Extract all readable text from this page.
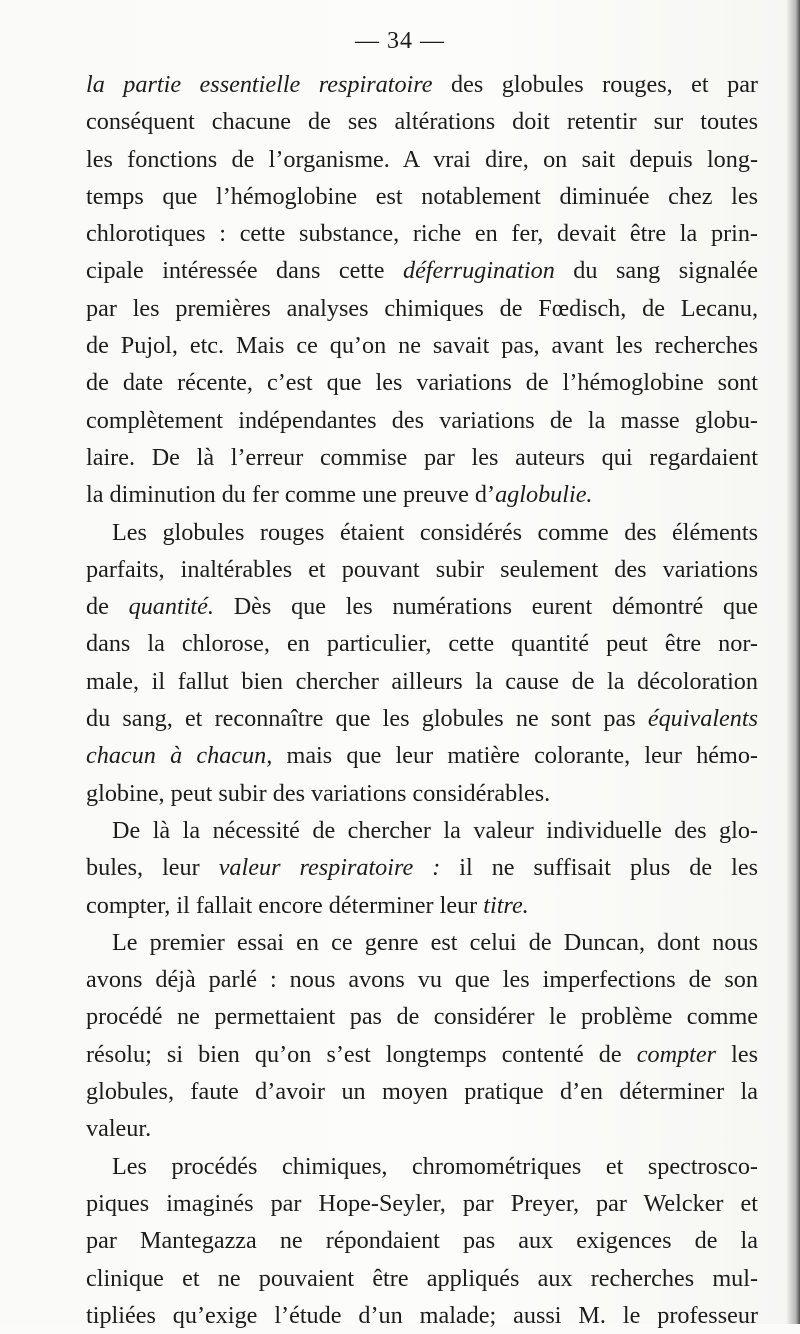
— 34 —
la partie essentielle respiratoire des globules rouges, et par
conséquent chacune de ses altérations doit retentir sur toutes
les fonctions de l’organisme. A vrai dire, on sait depuis long-
temps que l’hémoglobine est notablement diminuée chez les
chlorotiques : cette substance, riche en fer, devait être la prin-
cipale intéressée dans cette déferrugination du sang signalée
par les premières analyses chimiques de Fœdisch, de Lecanu,
de Pujol, etc. Mais ce qu’on ne savait pas, avant les recherches
de date récente, c’est que les variations de l’hémoglobine sont
complètement indépendantes des variations de la masse globu-
laire. De là l’erreur commise par les auteurs qui regardaient
la diminution du fer comme une preuve d’aglobulie.
Les globules rouges étaient considérés comme des éléments
parfaits, inaltérables et pouvant subir seulement des variations
de quantité. Dès que les numérations eurent démontré que
dans la chlorose, en particulier, cette quantité peut être nor-
male, il fallut bien chercher ailleurs la cause de la décoloration
du sang, et reconnaître que les globules ne sont pas équivalents
chacun à chacun, mais que leur matière colorante, leur hémo-
globine, peut subir des variations considérables.
De là la nécessité de chercher la valeur individuelle des glo-
bules, leur valeur respiratoire : il ne suffisait plus de les
compter, il fallait encore déterminer leur titre.
Le premier essai en ce genre est celui de Duncan, dont nous
avons déjà parlé : nous avons vu que les imperfections de son
procédé ne permettaient pas de considérer le problème comme
résolu; si bien qu’on s’est longtemps contenté de compter les
globules, faute d’avoir un moyen pratique d’en déterminer la
valeur.
Les procédés chimiques, chromométriques et spectrosco-
piques imaginés par Hope-Seyler, par Preyer, par Welcker et
par Mantegazza ne répondaient pas aux exigences de la
clinique et ne pouvaient être appliqués aux recherches mul-
tipliées qu’exige l’étude d’un malade; aussi M. le professeur
